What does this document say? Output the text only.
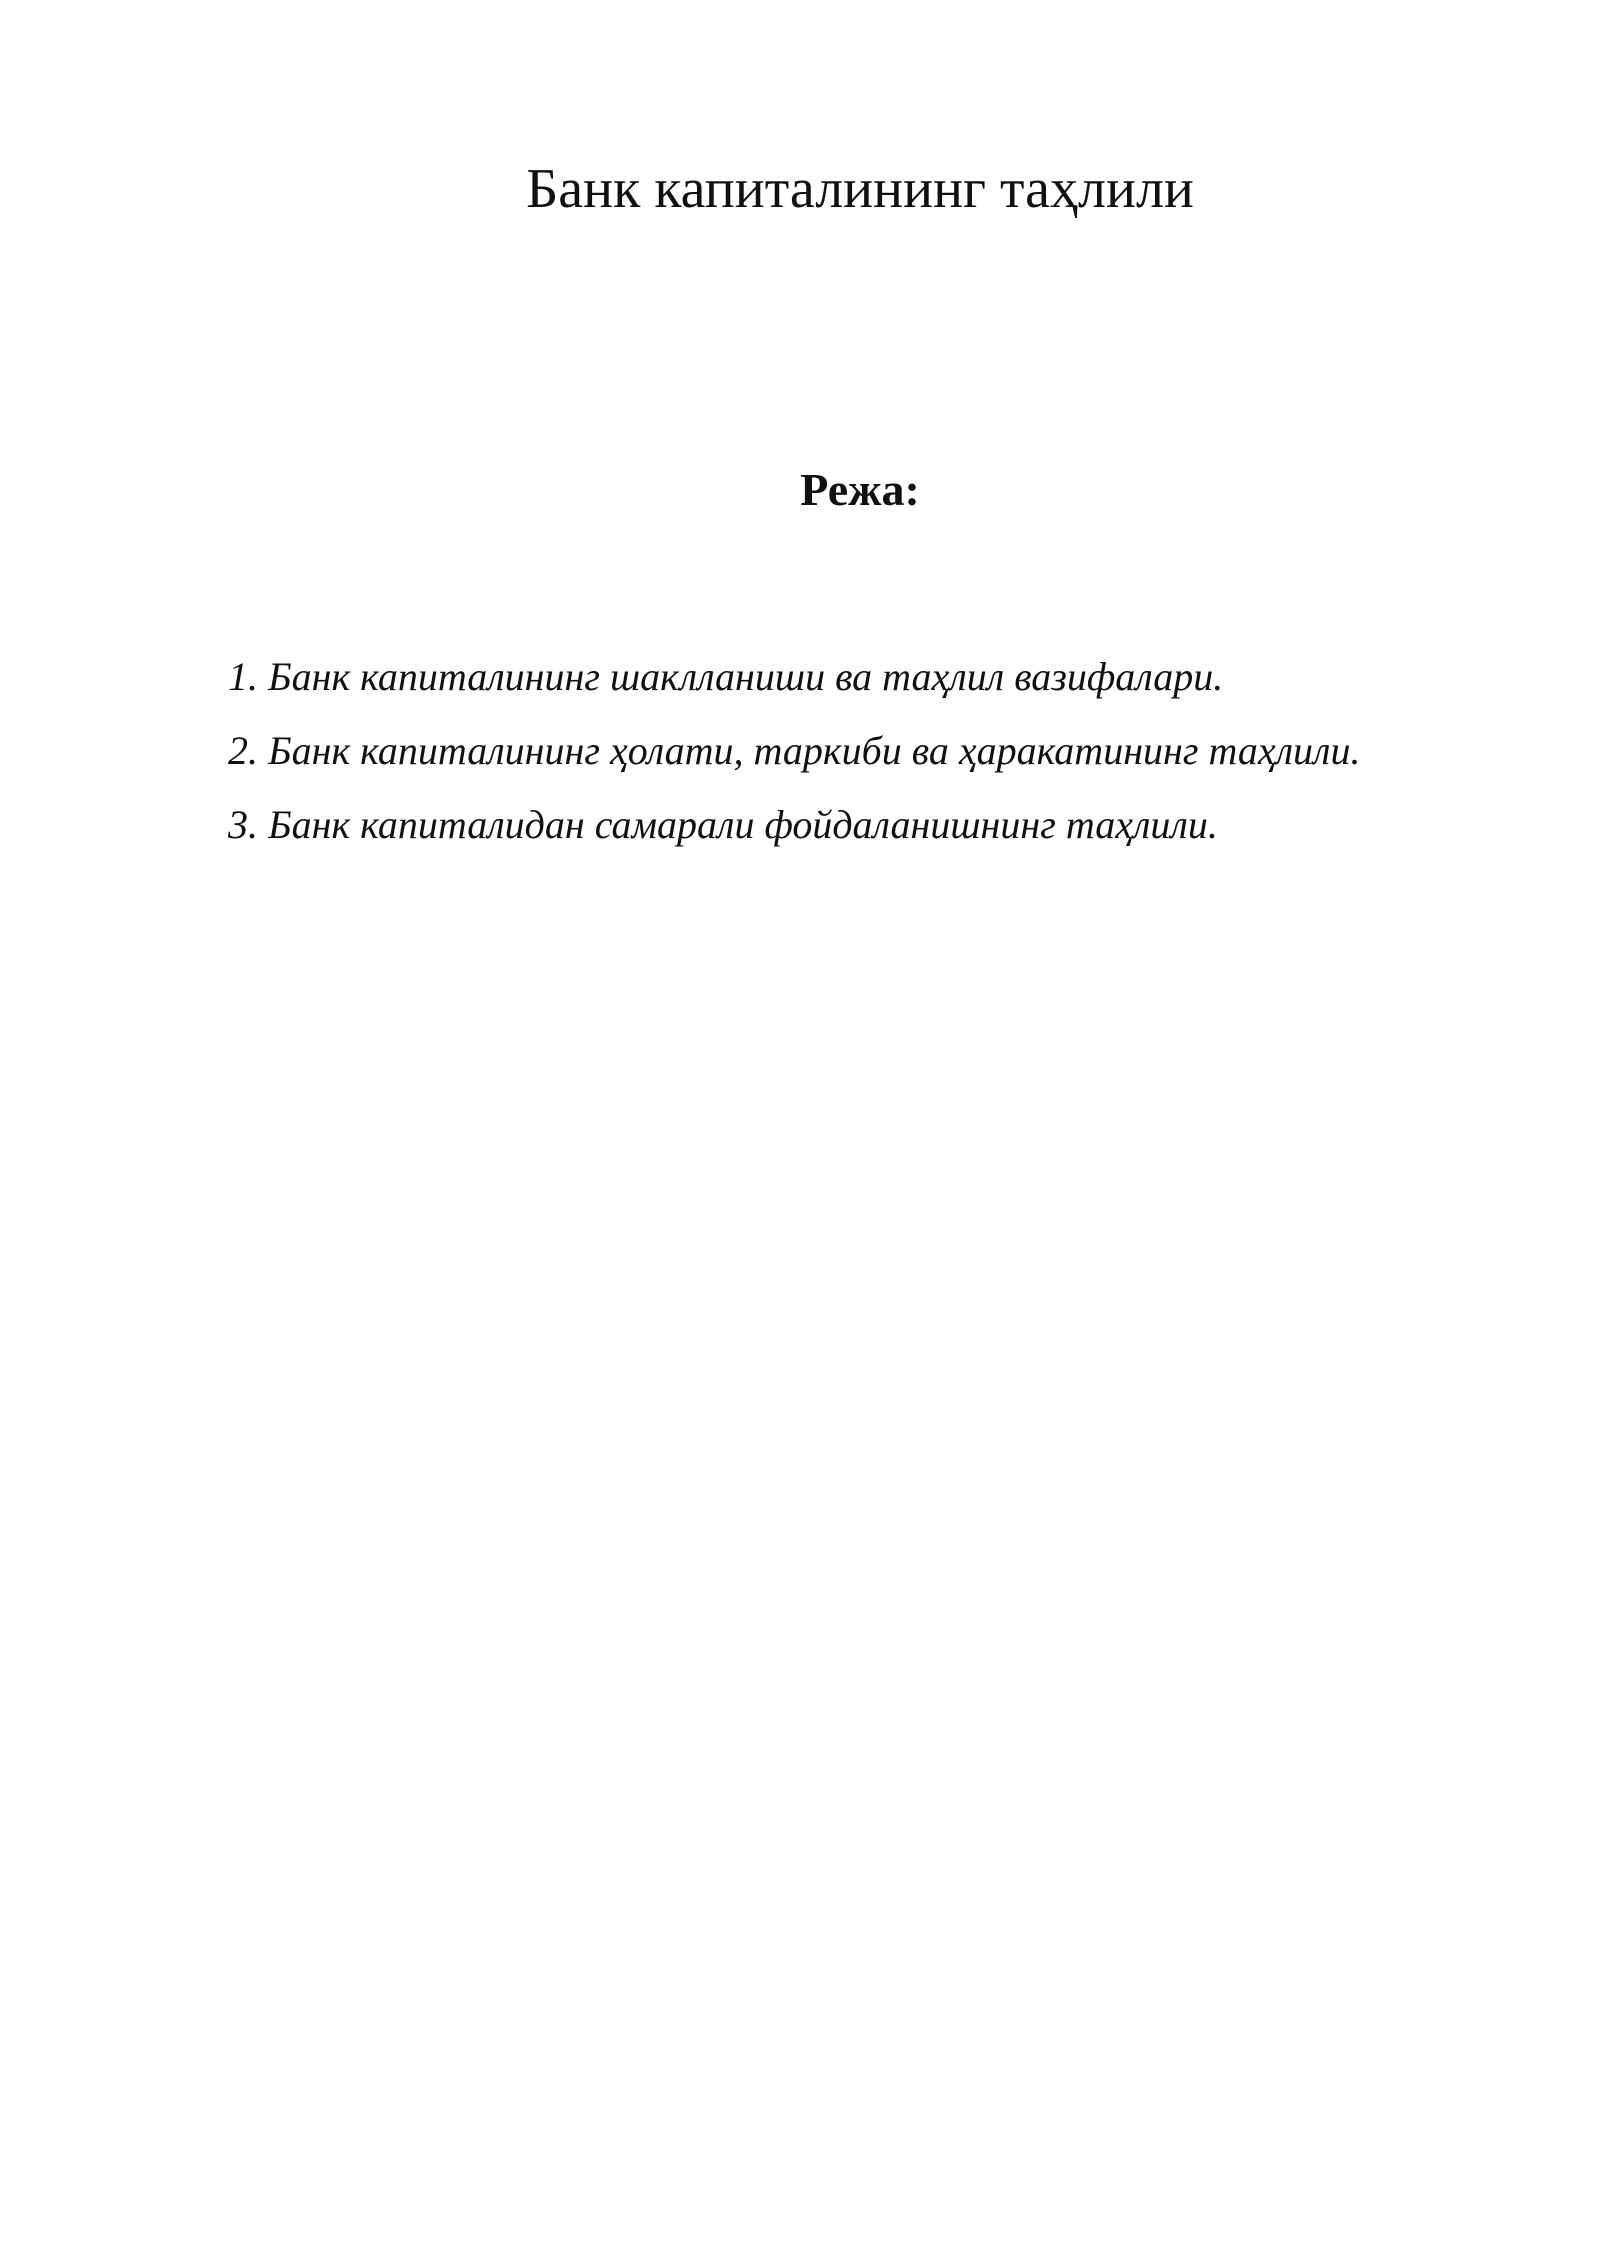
Банк капиталининг таҳлили
Режа:
1. Банк капиталининг шаклланиши ва таҳлил вазифалари.
2. Банк капиталининг ҳолати, таркиби ва ҳаракатининг таҳлили.
3. Банк капиталидан самарали фойдаланишнинг таҳлили.
